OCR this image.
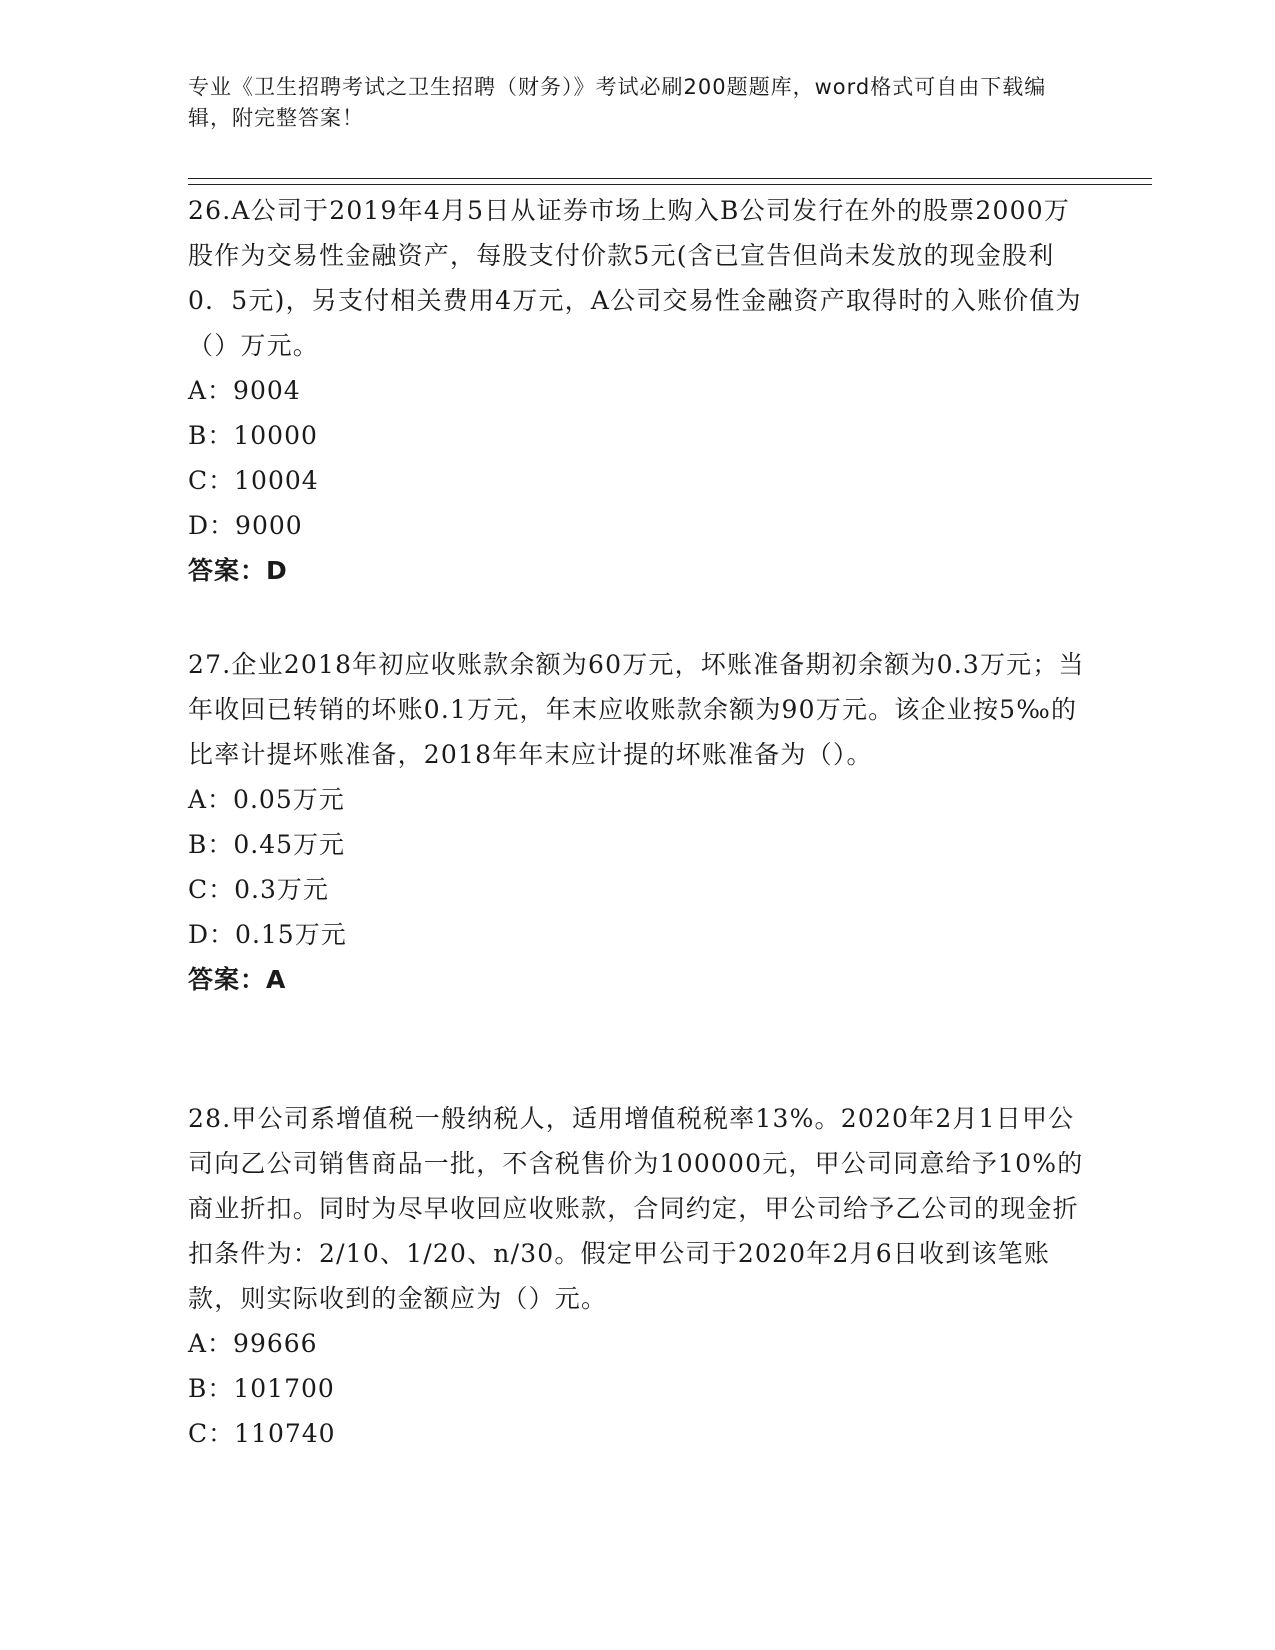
专业《卫生招聘考试之卫生招聘（财务）》考试必刷200题题库，word格式可自由下载编辑，附完整答案！

26.A公司于2019年4月5日从证券市场上购入B公司发行在外的股票2000万股作为交易性金融资产，每股支付价款5元(含已宣告但尚未发放的现金股利0．5元)，另支付相关费用4万元，A公司交易性金融资产取得时的入账价值为（）万元。

A：9004
B：10000
C：10004
D：9000
答案：D

27.企业2018年初应收账款余额为60万元，坏账准备期初余额为0.3万元；当年收回已转销的坏账0.1万元，年末应收账款余额为90万元。该企业按5‰的比率计提坏账准备，2018年年末应计提的坏账准备为（）。

A：0.05万元
B：0.45万元
C：0.3万元
D：0.15万元
答案：A

28.甲公司系增值税一般纳税人，适用增值税税率13%。2020年2月1日甲公司向乙公司销售商品一批，不含税售价为100000元，甲公司同意给予10%的商业折扣。同时为尽早收回应收账款，合同约定，甲公司给予乙公司的现金折扣条件为：2/10、1/20、n/30。假定甲公司于2020年2月6日收到该笔账款，则实际收到的金额应为（）元。

A：99666
B：101700
C：110740
